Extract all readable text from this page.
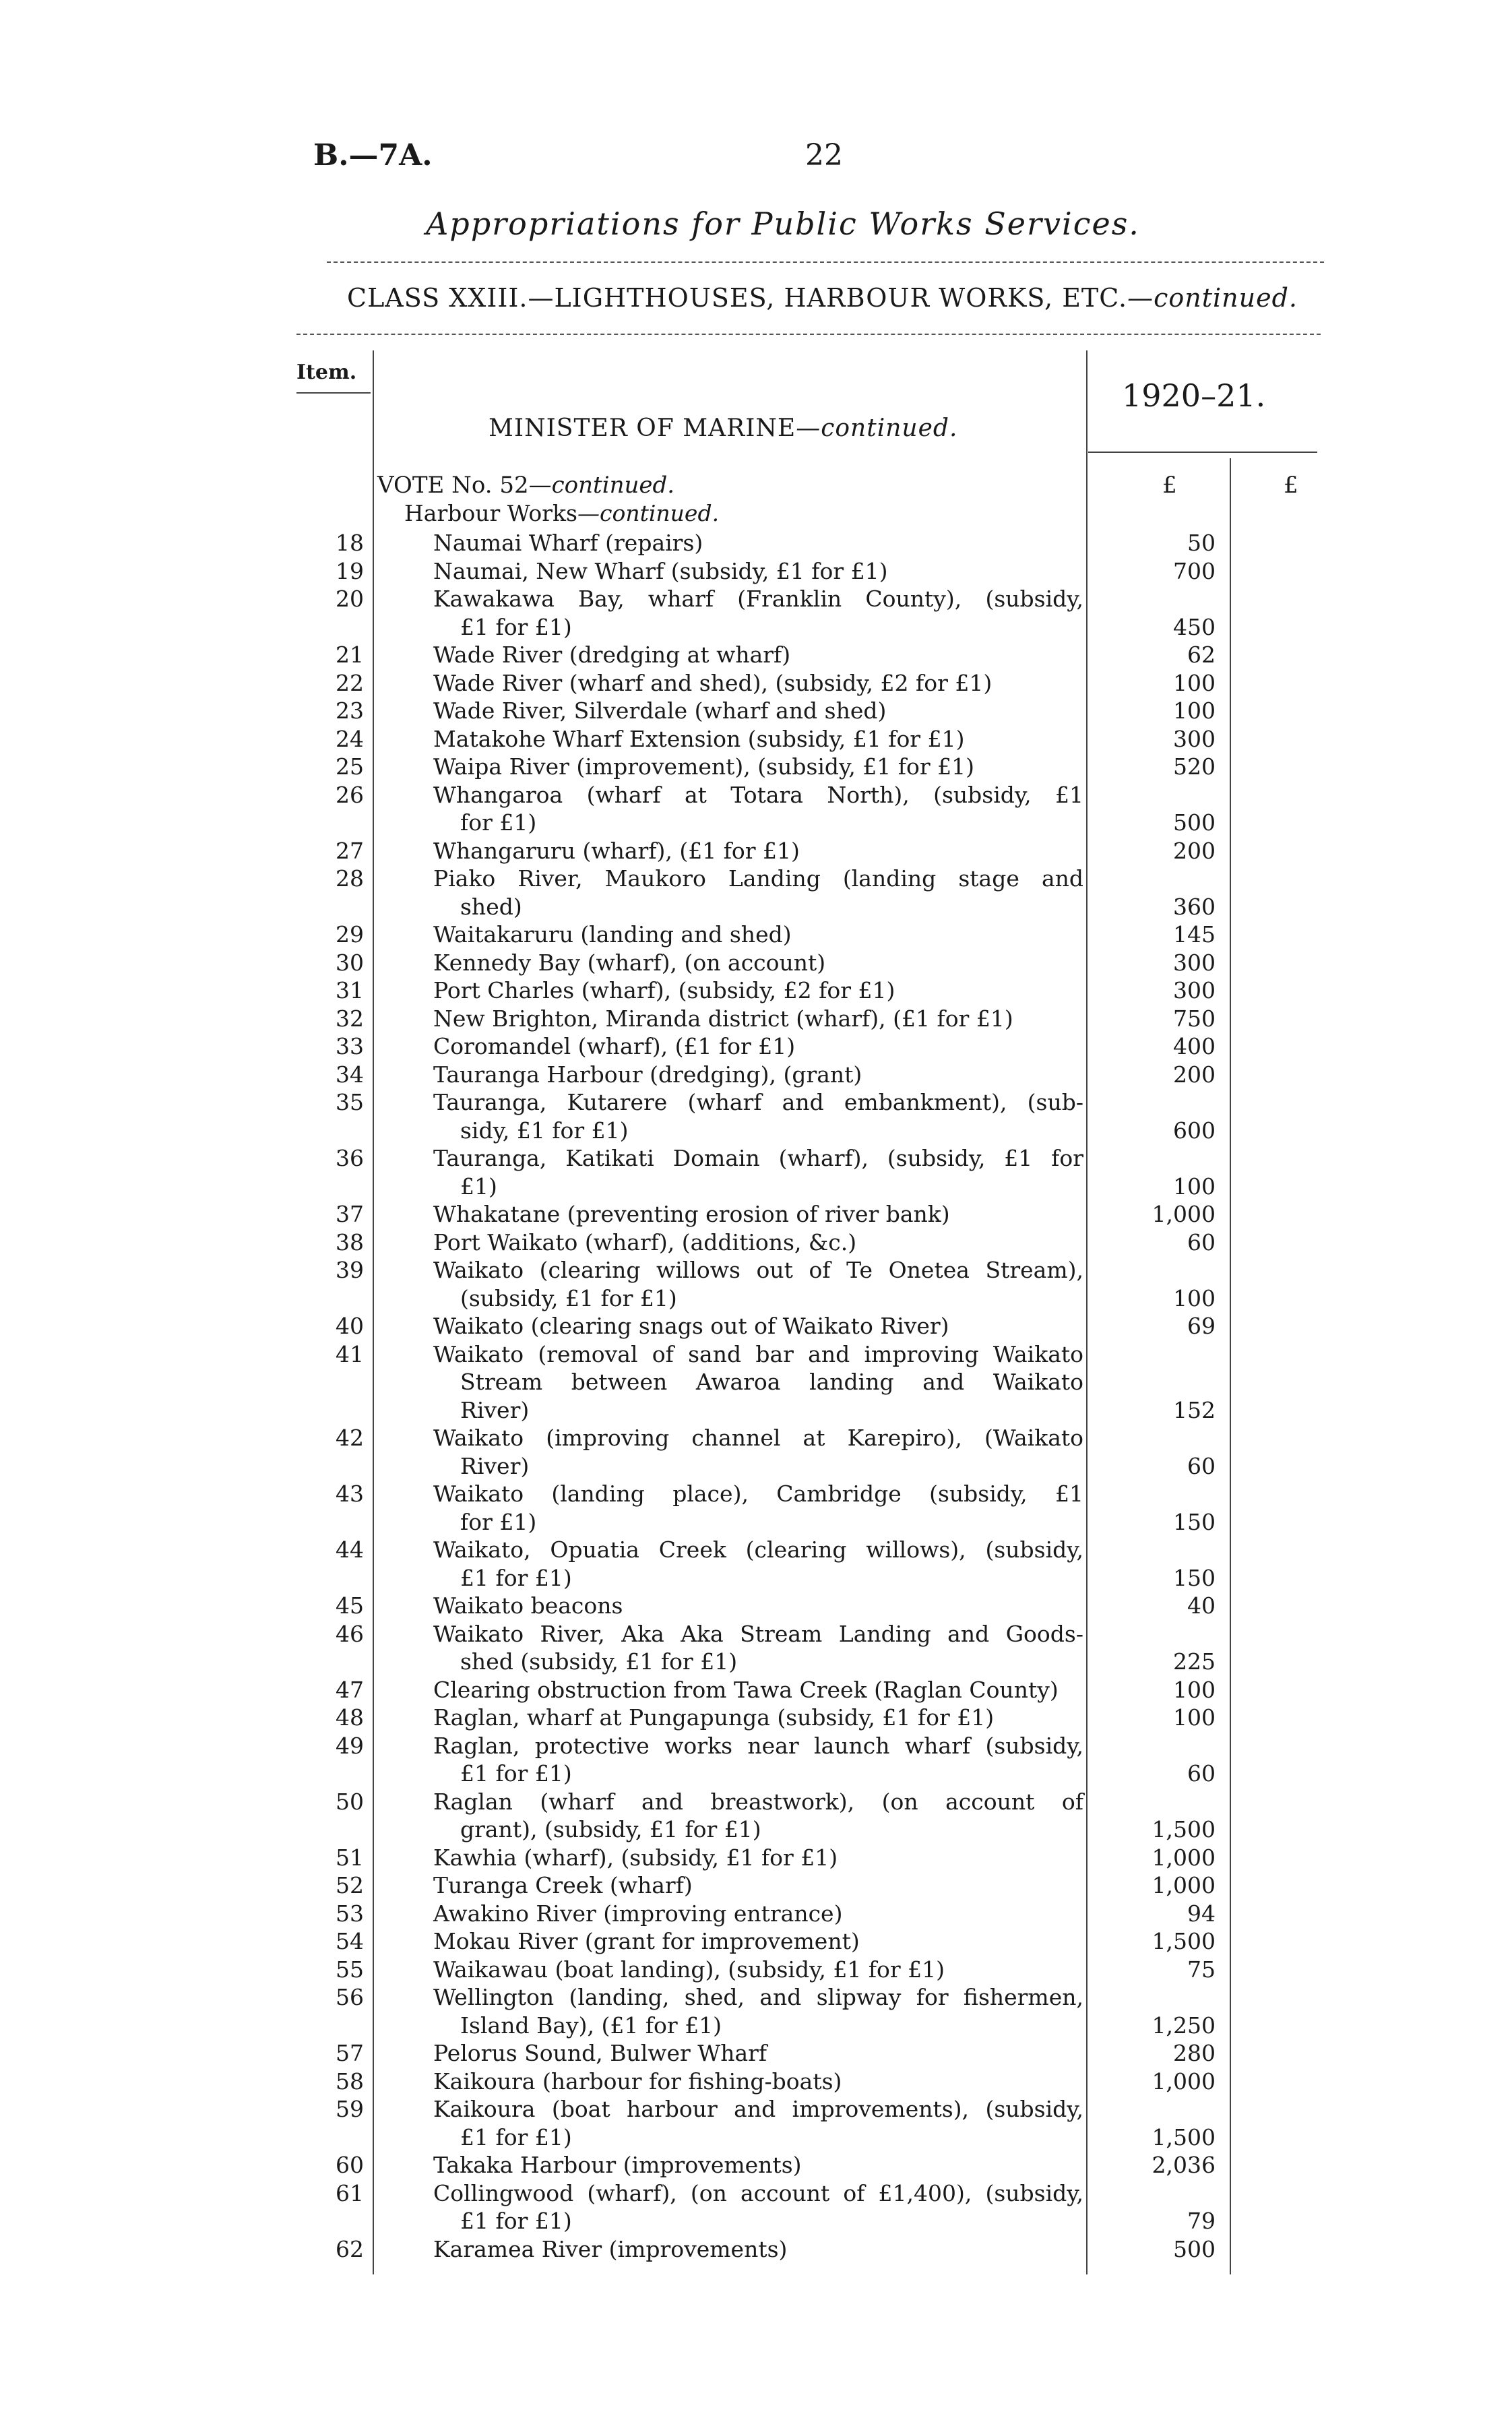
B.—7A.	22
Appropriations for Public Works Services.
CLASS XXIII.—LIGHTHOUSES, HARBOUR WORKS, ETC.—continued.
Item.
1920–21.
MINISTER OF MARINE—continued.
£	£
VOTE No. 52—continued.
Harbour Works—continued.
18	Naumai Wharf (repairs)	50
19	Naumai, New Wharf (subsidy, £1 for £1)	700
20	Kawakawa Bay, wharf (Franklin County), (subsidy,
£1 for £1)	450
21	Wade River (dredging at wharf)	62
22	Wade River (wharf and shed), (subsidy, £2 for £1)	100
23	Wade River, Silverdale (wharf and shed)	100
24	Matakohe Wharf Extension (subsidy, £1 for £1)	300
25	Waipa River (improvement), (subsidy, £1 for £1)	520
26	Whangaroa (wharf at Totara North), (subsidy, £1
for £1)	500
27	Whangaruru (wharf), (£1 for £1)	200
28	Piako River, Maukoro Landing (landing stage and
shed)	360
29	Waitakaruru (landing and shed)	145
30	Kennedy Bay (wharf), (on account)	300
31	Port Charles (wharf), (subsidy, £2 for £1)	300
32	New Brighton, Miranda district (wharf), (£1 for £1)	750
33	Coromandel (wharf), (£1 for £1)	400
34	Tauranga Harbour (dredging), (grant)	200
35	Tauranga, Kutarere (wharf and embankment), (sub-
sidy, £1 for £1)	600
36	Tauranga, Katikati Domain (wharf), (subsidy, £1 for
£1)	100
37	Whakatane (preventing erosion of river bank)	1,000
38	Port Waikato (wharf), (additions, &c.)	60
39	Waikato (clearing willows out of Te Onetea Stream),
(subsidy, £1 for £1)	100
40	Waikato (clearing snags out of Waikato River)	69
41	Waikato (removal of sand bar and improving Waikato
Stream between Awaroa landing and Waikato
River)	152
42	Waikato (improving channel at Karepiro), (Waikato
River)	60
43	Waikato (landing place), Cambridge (subsidy, £1
for £1)	150
44	Waikato, Opuatia Creek (clearing willows), (subsidy,
£1 for £1)	150
45	Waikato beacons	40
46	Waikato River, Aka Aka Stream Landing and Goods-
shed (subsidy, £1 for £1)	225
47	Clearing obstruction from Tawa Creek (Raglan County)	100
48	Raglan, wharf at Pungapunga (subsidy, £1 for £1)	100
49	Raglan, protective works near launch wharf (subsidy,
£1 for £1)	60
50	Raglan (wharf and breastwork), (on account of
grant), (subsidy, £1 for £1)	1,500
51	Kawhia (wharf), (subsidy, £1 for £1)	1,000
52	Turanga Creek (wharf)	1,000
53	Awakino River (improving entrance)	94
54	Mokau River (grant for improvement)	1,500
55	Waikawau (boat landing), (subsidy, £1 for £1)	75
56	Wellington (landing, shed, and slipway for fishermen,
Island Bay), (£1 for £1)	1,250
57	Pelorus Sound, Bulwer Wharf	280
58	Kaikoura (harbour for fishing-boats)	1,000
59	Kaikoura (boat harbour and improvements), (subsidy,
£1 for £1)	1,500
60	Takaka Harbour (improvements)	2,036
61	Collingwood (wharf), (on account of £1,400), (subsidy,
£1 for £1)	79
62	Karamea River (improvements)	500
